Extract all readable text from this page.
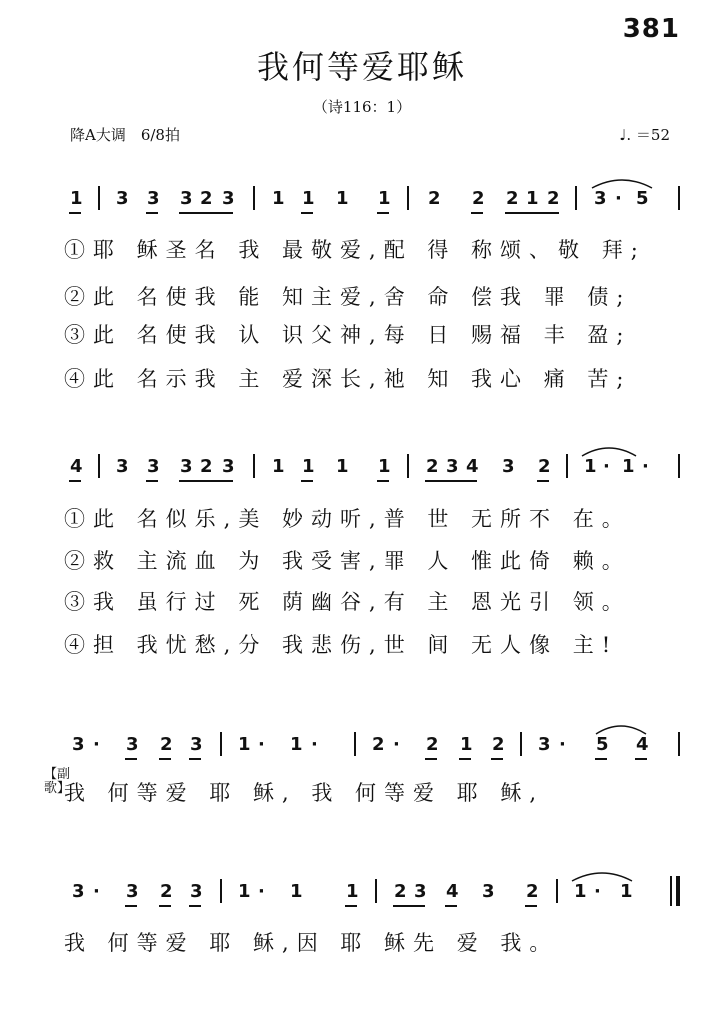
381
我何等爱耶稣
（诗116：1）
降A大调　6/8拍	♩. ＝52
1 3 3 3 2 3 1 1 1 1 2 2 2 1 2 3 · 5
①耶 稣圣名 我 最敬爱,配 得 称颂、敬 拜;
②此 名使我 能 知主爱,舍 命 偿我 罪 债;
③此 名使我 认 识父神,每 日 赐福 丰 盈;
④此 名示我 主 爱深长,祂 知 我心 痛 苦;
4 3 3 3 2 3 1 1 1 1 2 3 4 3 2 1 · 1 ·
①此 名似乐,美 妙动听,普 世 无所不 在。
②救 主流血 为 我受害,罪 人 惟此倚 赖。
③我 虽行过 死 荫幽谷,有 主 恩光引 领。
④担 我忧愁,分 我悲伤,世 间 无人像 主!
3 · 3 2 3 1 · 1 ·	2 · 2 1 2 3 · 5 4
【副歌】
我 何等爱 耶 稣, 我 何等爱 耶 稣,
3 · 3 2 3 1 · 1 1 2 3 4 3 2 1 · 1
我 何等爱 耶 稣,因 耶 稣先 爱 我。
